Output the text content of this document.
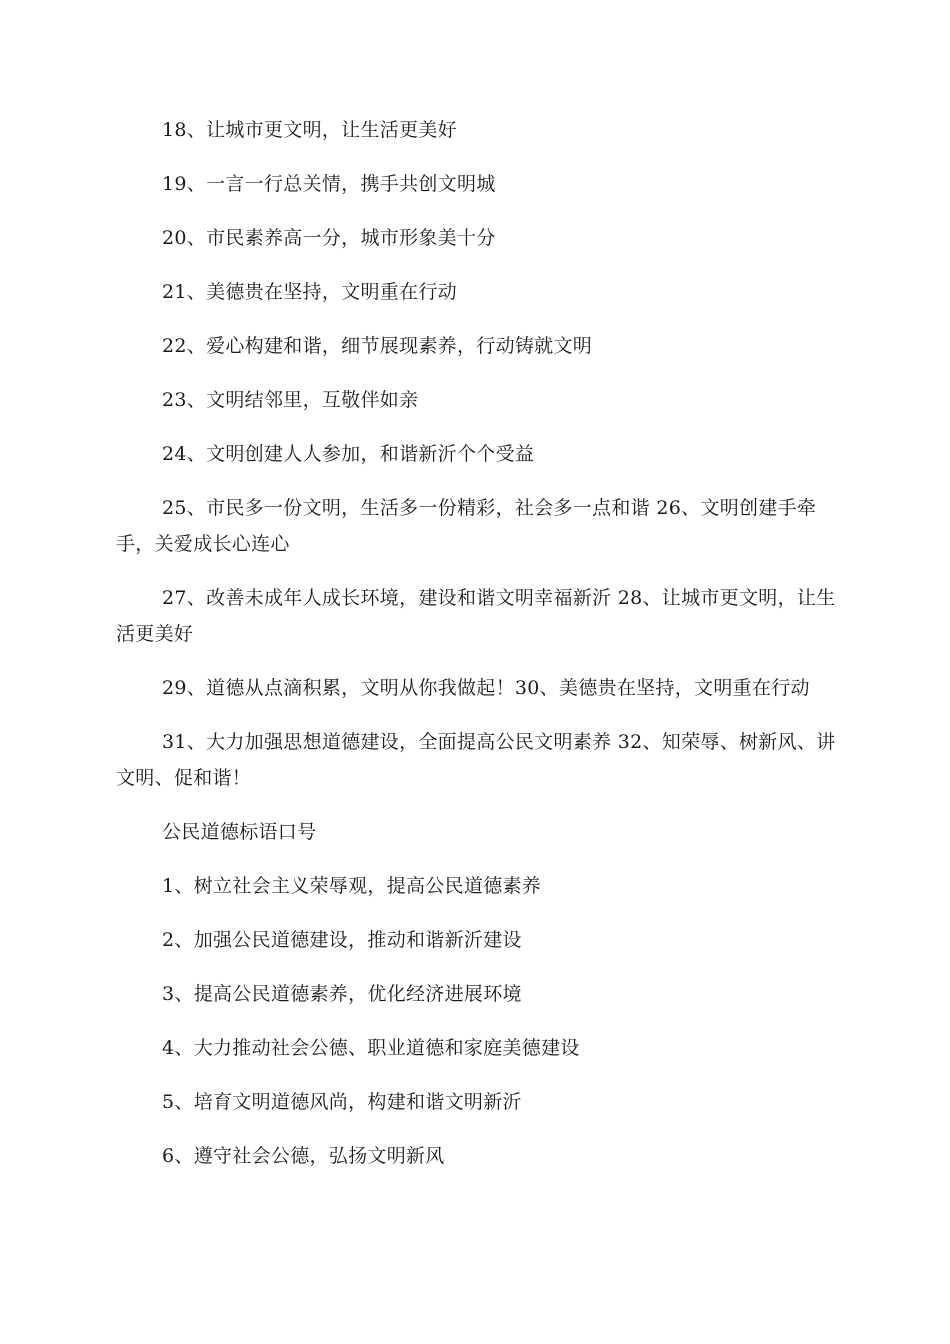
18、让城市更文明，让生活更美好

19、一言一行总关情，携手共创文明城

20、市民素养高一分，城市形象美十分

21、美德贵在坚持，文明重在行动

22、爱心构建和谐，细节展现素养，行动铸就文明

23、文明结邻里，互敬伴如亲

24、文明创建人人参加，和谐新沂个个受益

25、市民多一份文明，生活多一份精彩，社会多一点和谐 26、文明创建手牵手，关爱成长心连心

27、改善未成年人成长环境，建设和谐文明幸福新沂 28、让城市更文明，让生活更美好

29、道德从点滴积累，文明从你我做起！30、美德贵在坚持，文明重在行动

31、大力加强思想道德建设，全面提高公民文明素养 32、知荣辱、树新风、讲文明、促和谐！

公民道德标语口号

1、树立社会主义荣辱观，提高公民道德素养

2、加强公民道德建设，推动和谐新沂建设

3、提高公民道德素养，优化经济进展环境

4、大力推动社会公德、职业道德和家庭美德建设

5、培育文明道德风尚，构建和谐文明新沂

6、遵守社会公德，弘扬文明新风
